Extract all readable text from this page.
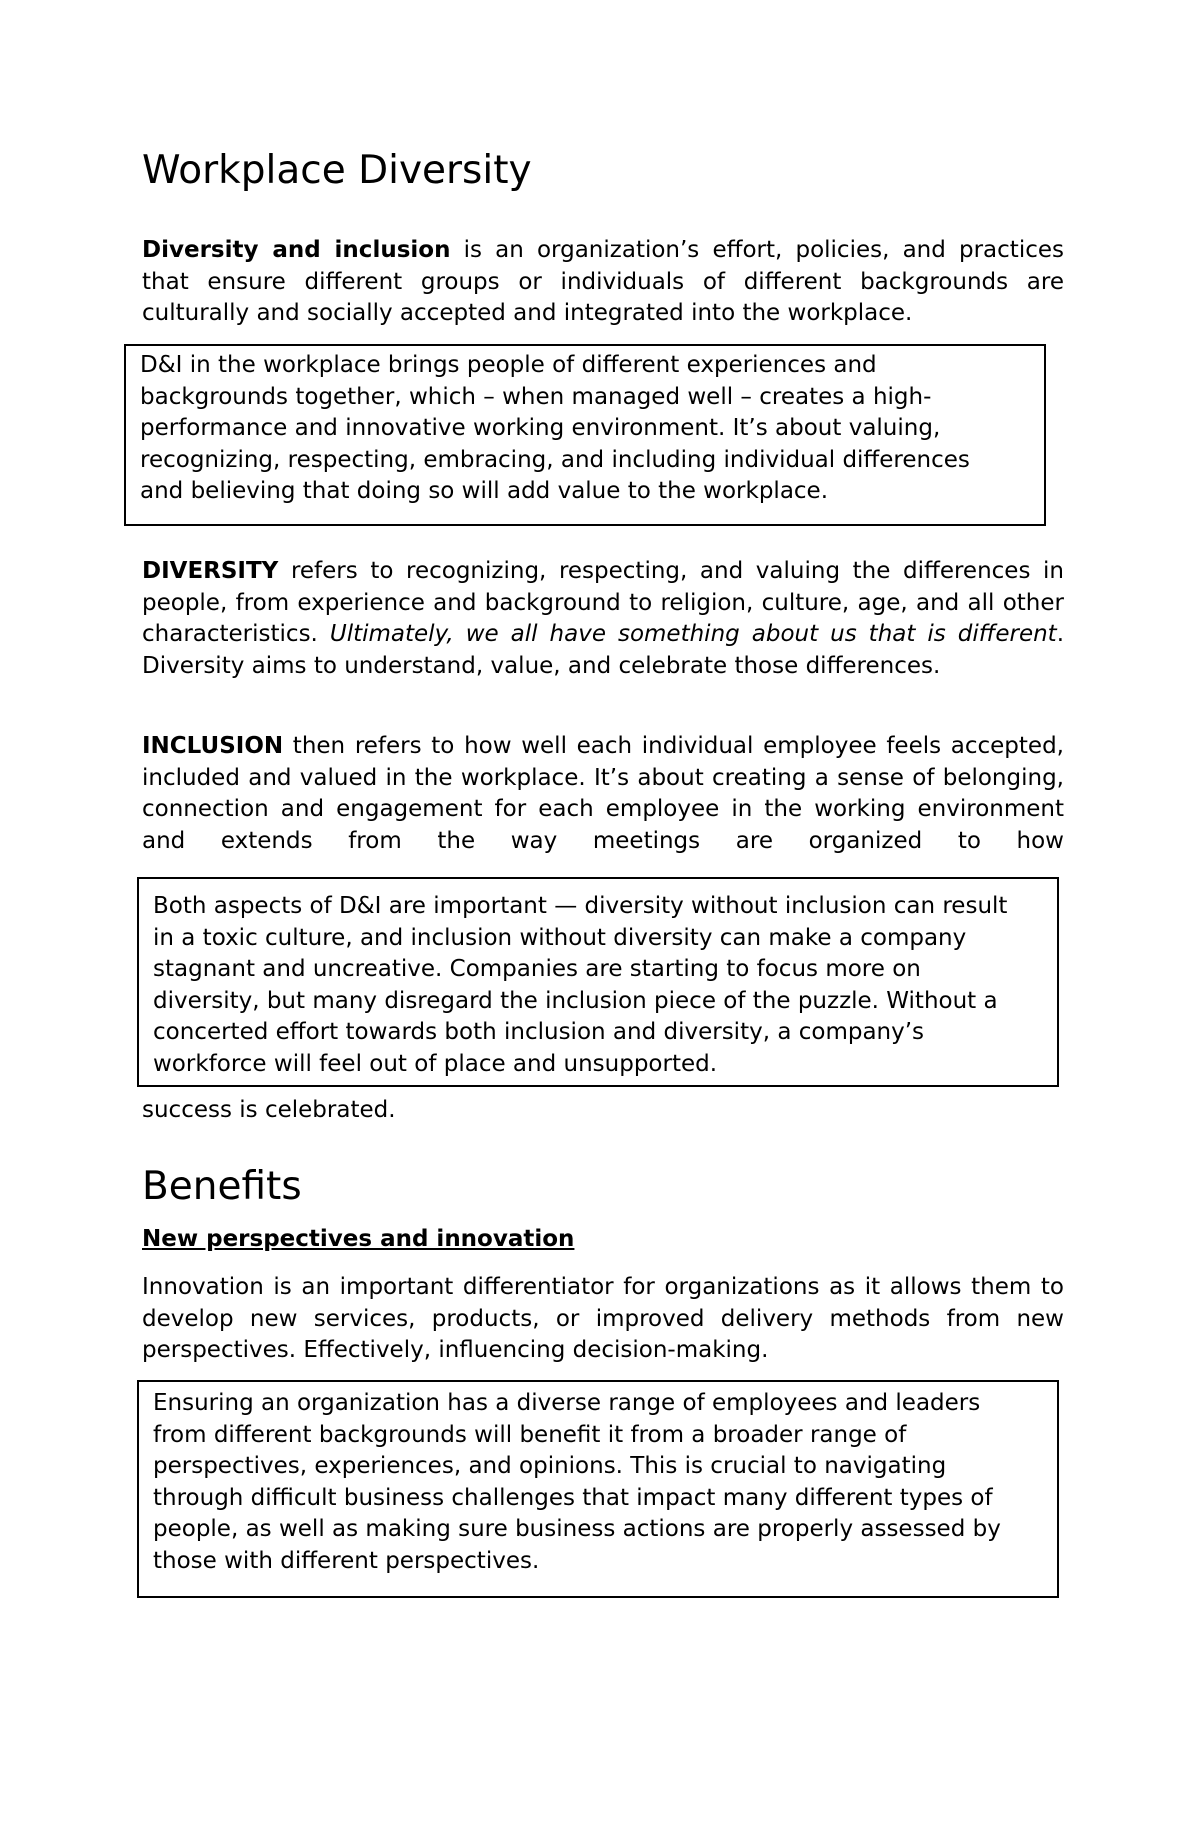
Workplace Diversity

Diversity and inclusion is an organization’s effort, policies, and practices that ensure different groups or individuals of different backgrounds are culturally and socially accepted and integrated into the workplace.

D&I in the workplace brings people of different experiences and backgrounds together, which – when managed well – creates a high-performance and innovative working environment. It’s about valuing, recognizing, respecting, embracing, and including individual differences and believing that doing so will add value to the workplace.

DIVERSITY refers to recognizing, respecting, and valuing the differences in people, from experience and background to religion, culture, age, and all other characteristics. Ultimately, we all have something about us that is different. Diversity aims to understand, value, and celebrate those differences.

INCLUSION then refers to how well each individual employee feels accepted, included and valued in the workplace. It’s about creating a sense of belonging, connection and engagement for each employee in the working environment and extends from the way meetings are organized to how

Both aspects of D&I are important — diversity without inclusion can result in a toxic culture, and inclusion without diversity can make a company stagnant and uncreative. Companies are starting to focus more on diversity, but many disregard the inclusion piece of the puzzle. Without a concerted effort towards both inclusion and diversity, a company’s workforce will feel out of place and unsupported.

success is celebrated.

Benefits

New perspectives and innovation

Innovation is an important differentiator for organizations as it allows them to develop new services, products, or improved delivery methods from new perspectives. Effectively, influencing decision-making.

Ensuring an organization has a diverse range of employees and leaders from different backgrounds will benefit it from a broader range of perspectives, experiences, and opinions. This is crucial to navigating through difficult business challenges that impact many different types of people, as well as making sure business actions are properly assessed by those with different perspectives.
